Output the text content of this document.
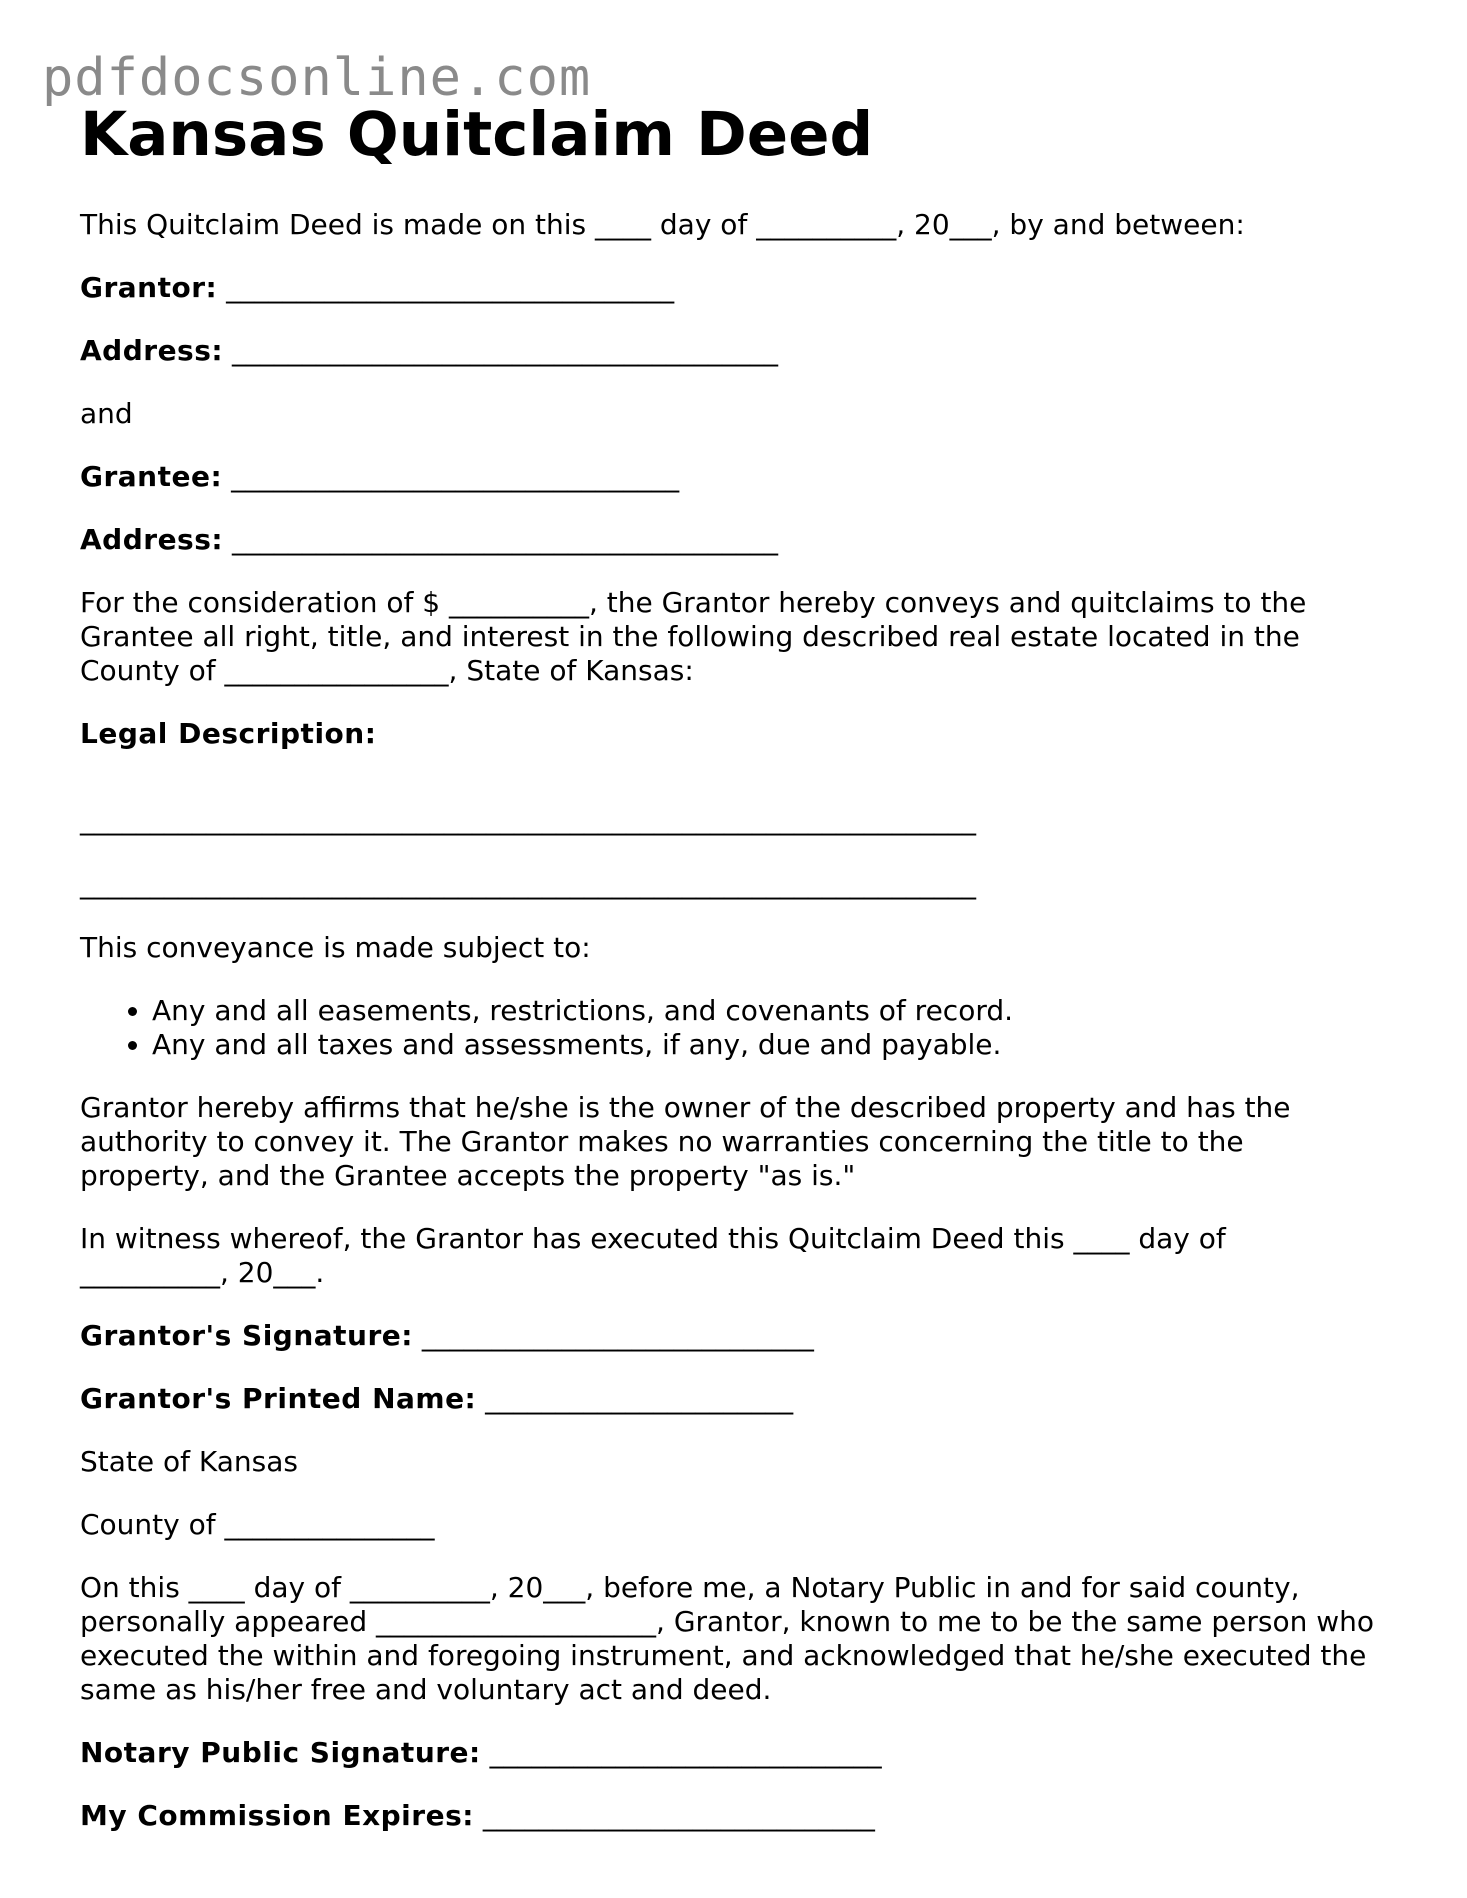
pdfdocsonline.com
Kansas Quitclaim Deed

This Quitclaim Deed is made on this ____ day of __________, 20___, by and between:

Grantor: ________________________________

Address: _______________________________________

and

Grantee: ________________________________

Address: _______________________________________

For the consideration of $ __________, the Grantor hereby conveys and quitclaims to the Grantee all right, title, and interest in the following described real estate located in the County of ________________, State of Kansas:

Legal Description:

________________________________________________________________
________________________________________________________________

This conveyance is made subject to:

• Any and all easements, restrictions, and covenants of record.
• Any and all taxes and assessments, if any, due and payable.

Grantor hereby affirms that he/she is the owner of the described property and has the authority to convey it. The Grantor makes no warranties concerning the title to the property, and the Grantee accepts the property "as is."

In witness whereof, the Grantor has executed this Quitclaim Deed this ____ day of __________, 20___.

Grantor's Signature: ____________________________

Grantor's Printed Name: ______________________

State of Kansas

County of _______________

On this ____ day of __________, 20___, before me, a Notary Public in and for said county, personally appeared ____________________, Grantor, known to me to be the same person who executed the within and foregoing instrument, and acknowledged that he/she executed the same as his/her free and voluntary act and deed.

Notary Public Signature: ____________________________

My Commission Expires: ____________________________
